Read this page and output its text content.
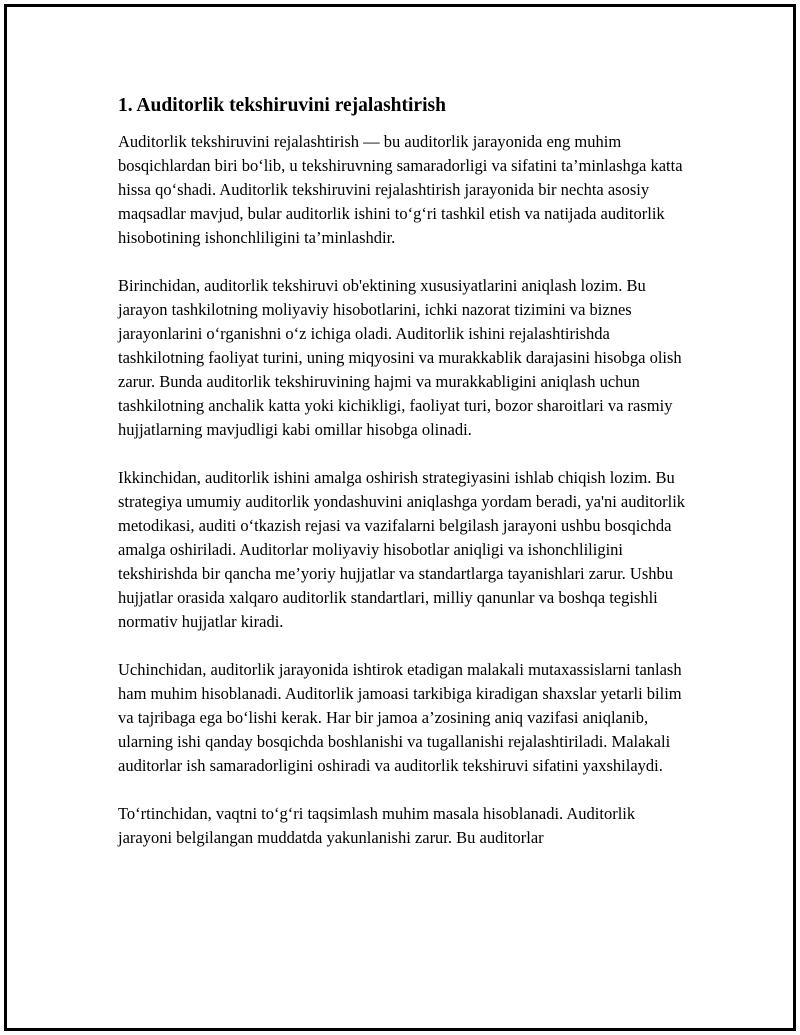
1. Auditorlik tekshiruvini rejalashtirish

Auditorlik tekshiruvini rejalashtirish — bu auditorlik jarayonida eng muhim bosqichlardan biri bo‘lib, u tekshiruvning samaradorligi va sifatini ta’minlashga katta hissa qo‘shadi. Auditorlik tekshiruvini rejalashtirish jarayonida bir nechta asosiy maqsadlar mavjud, bular auditorlik ishini to‘g‘ri tashkil etish va natijada auditorlik hisobotining ishonchliligini ta’minlashdir.

Birinchidan, auditorlik tekshiruvi ob'ektining xususiyatlarini aniqlash lozim. Bu jarayon tashkilotning moliyaviy hisobotlarini, ichki nazorat tizimini va biznes jarayonlarini o‘rganishni o‘z ichiga oladi. Auditorlik ishini rejalashtirishda tashkilotning faoliyat turini, uning miqyosini va murakkablik darajasini hisobga olish zarur. Bunda auditorlik tekshiruvining hajmi va murakkabligini aniqlash uchun tashkilotning anchalik katta yoki kichikligi, faoliyat turi, bozor sharoitlari va rasmiy hujjatlarning mavjudligi kabi omillar hisobga olinadi.

Ikkinchidan, auditorlik ishini amalga oshirish strategiyasini ishlab chiqish lozim. Bu strategiya umumiy auditorlik yondashuvini aniqlashga yordam beradi, ya'ni auditorlik metodikasi, auditi o‘tkazish rejasi va vazifalarni belgilash jarayoni ushbu bosqichda amalga oshiriladi. Auditorlar moliyaviy hisobotlar aniqligi va ishonchliligini tekshirishda bir qancha me’yoriy hujjatlar va standartlarga tayanishlari zarur. Ushbu hujjatlar orasida xalqaro auditorlik standartlari, milliy qanunlar va boshqa tegishli normativ hujjatlar kiradi.

Uchinchidan, auditorlik jarayonida ishtirok etadigan malakali mutaxassislarni tanlash ham muhim hisoblanadi. Auditorlik jamoasi tarkibiga kiradigan shaxslar yetarli bilim va tajribaga ega bo‘lishi kerak. Har bir jamoa a’zosining aniq vazifasi aniqlanib, ularning ishi qanday bosqichda boshlanishi va tugallanishi rejalashtiriladi. Malakali auditorlar ish samaradorligini oshiradi va auditorlik tekshiruvi sifatini yaxshilaydi.

To‘rtinchidan, vaqtni to‘g‘ri taqsimlash muhim masala hisoblanadi. Auditorlik jarayoni belgilangan muddatda yakunlanishi zarur. Bu auditorlar
